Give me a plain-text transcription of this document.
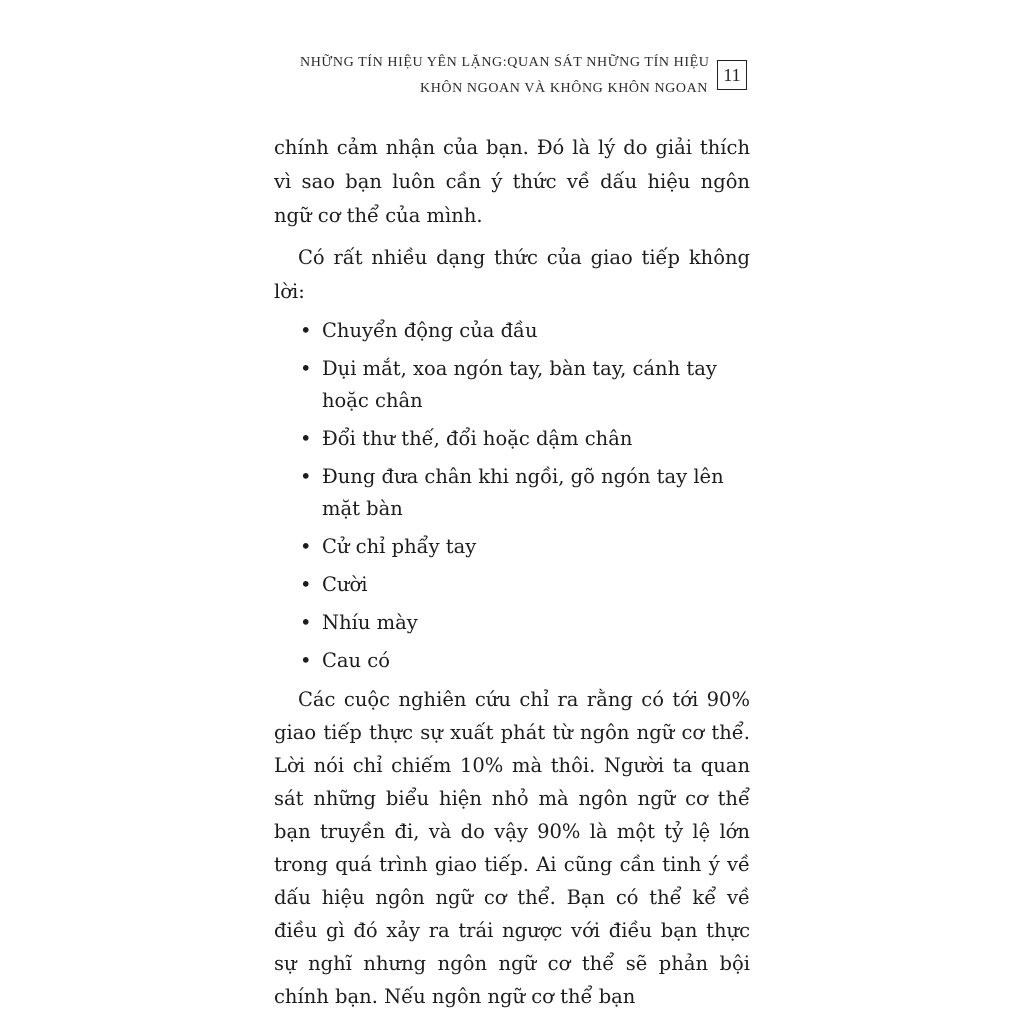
NHỮNG TÍN HIỆU YÊN LẶNG:QUAN SÁT NHỮNG TÍN HIỆU
KHÔN NGOAN VÀ KHÔNG KHÔN NGOAN
11

chính cảm nhận của bạn. Đó là lý do giải thích vì sao bạn luôn cần ý thức về dấu hiệu ngôn ngữ cơ thể của mình.

Có rất nhiều dạng thức của giao tiếp không lời:

• Chuyển động của đầu
• Dụi mắt, xoa ngón tay, bàn tay, cánh tay hoặc chân
• Đổi thư thế, đổi hoặc dậm chân
• Đung đưa chân khi ngồi, gõ ngón tay lên mặt bàn
• Cử chỉ phẩy tay
• Cười
• Nhíu mày
• Cau có

Các cuộc nghiên cứu chỉ ra rằng có tới 90% giao tiếp thực sự xuất phát từ ngôn ngữ cơ thể. Lời nói chỉ chiếm 10% mà thôi. Người ta quan sát những biểu hiện nhỏ mà ngôn ngữ cơ thể bạn truyền đi, và do vậy 90% là một tỷ lệ lớn trong quá trình giao tiếp. Ai cũng cần tinh ý về dấu hiệu ngôn ngữ cơ thể. Bạn có thể kể về điều gì đó xảy ra trái ngược với điều bạn thực sự nghĩ nhưng ngôn ngữ cơ thể sẽ phản bội chính bạn. Nếu ngôn ngữ cơ thể bạn
